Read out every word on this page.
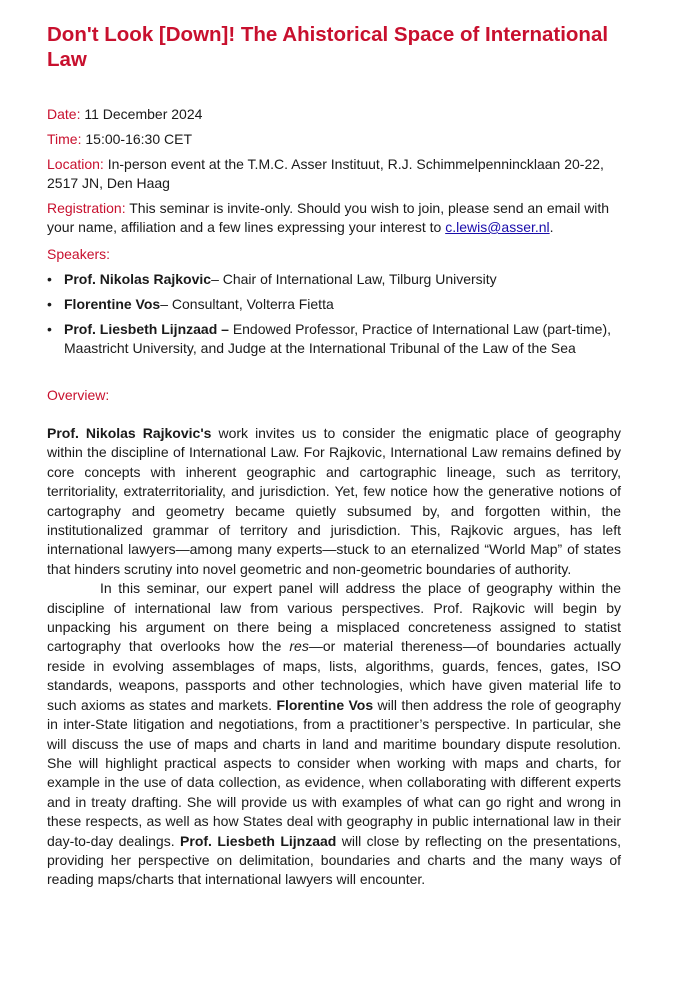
Don't Look [Down]! The Ahistorical Space of International Law

Date: 11 December 2024

Time: 15:00-16:30 CET

Location: In-person event at the T.M.C. Asser Instituut, R.J. Schimmelpennincklaan 20-22, 2517 JN, Den Haag

Registration: This seminar is invite-only. Should you wish to join, please send an email with your name, affiliation and a few lines expressing your interest to c.lewis@asser.nl.

Speakers:

• Prof. Nikolas Rajkovic– Chair of International Law, Tilburg University
• Florentine Vos– Consultant, Volterra Fietta
• Prof. Liesbeth Lijnzaad – Endowed Professor, Practice of International Law (part-time), Maastricht University, and Judge at the International Tribunal of the Law of the Sea

Overview:

Prof. Nikolas Rajkovic's work invites us to consider the enigmatic place of geography within the discipline of International Law. For Rajkovic, International Law remains defined by core concepts with inherent geographic and cartographic lineage, such as territory, territoriality, extraterritoriality, and jurisdiction. Yet, few notice how the generative notions of cartography and geometry became quietly subsumed by, and forgotten within, the institutionalized grammar of territory and jurisdiction. This, Rajkovic argues, has left international lawyers—among many experts—stuck to an eternalized “World Map” of states that hinders scrutiny into novel geometric and non-geometric boundaries of authority.

In this seminar, our expert panel will address the place of geography within the discipline of international law from various perspectives. Prof. Rajkovic will begin by unpacking his argument on there being a misplaced concreteness assigned to statist cartography that overlooks how the res—or material thereness—of boundaries actually reside in evolving assemblages of maps, lists, algorithms, guards, fences, gates, ISO standards, weapons, passports and other technologies, which have given material life to such axioms as states and markets. Florentine Vos will then address the role of geography in inter-State litigation and negotiations, from a practitioner’s perspective. In particular, she will discuss the use of maps and charts in land and maritime boundary dispute resolution. She will highlight practical aspects to consider when working with maps and charts, for example in the use of data collection, as evidence, when collaborating with different experts and in treaty drafting. She will provide us with examples of what can go right and wrong in these respects, as well as how States deal with geography in public international law in their day-to-day dealings. Prof. Liesbeth Lijnzaad will close by reflecting on the presentations, providing her perspective on delimitation, boundaries and charts and the many ways of reading maps/charts that international lawyers will encounter.
